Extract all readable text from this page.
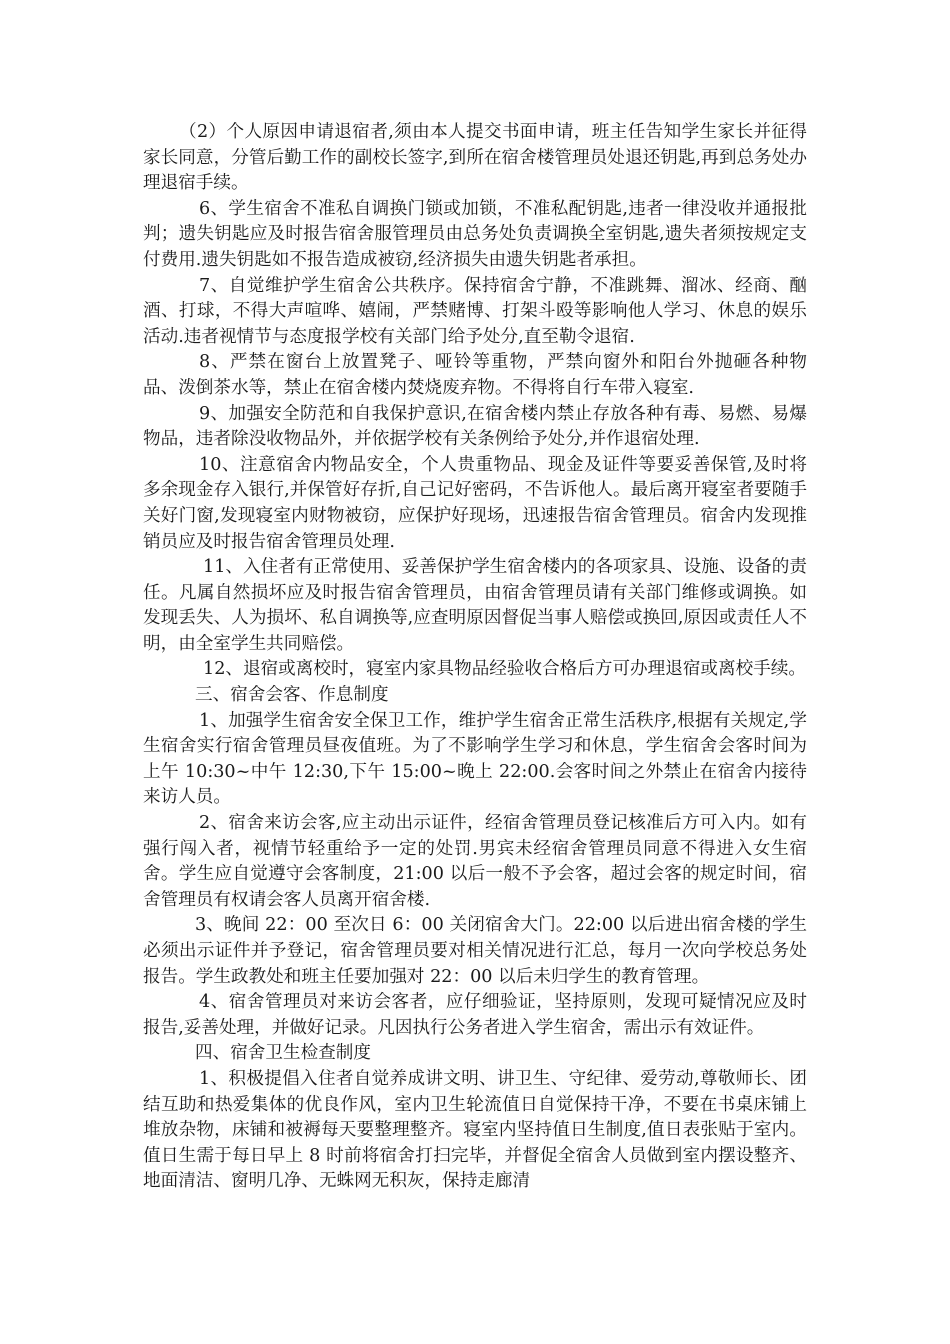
（2）个人原因申请退宿者,须由本人提交书面申请，班主任告知学生家长并征得家长同意，分管后勤工作的副校长签字,到所在宿舍楼管理员处退还钥匙,再到总务处办理退宿手续。

6、学生宿舍不准私自调换门锁或加锁，不准私配钥匙,违者一律没收并通报批判；遗失钥匙应及时报告宿舍服管理员由总务处负责调换全室钥匙,遗失者须按规定支付费用.遗失钥匙如不报告造成被窃,经济损失由遗失钥匙者承担。

7、自觉维护学生宿舍公共秩序。保持宿舍宁静，不准跳舞、溜冰、经商、酗酒、打球，不得大声喧哗、嬉闹，严禁赌博、打架斗殴等影响他人学习、休息的娱乐活动.违者视情节与态度报学校有关部门给予处分,直至勒令退宿.

8、严禁在窗台上放置凳子、哑铃等重物，严禁向窗外和阳台外抛砸各种物品、泼倒茶水等，禁止在宿舍楼内焚烧废弃物。不得将自行车带入寝室.

9、加强安全防范和自我保护意识,在宿舍楼内禁止存放各种有毒、易燃、易爆物品，违者除没收物品外，并依据学校有关条例给予处分,并作退宿处理.

10、注意宿舍内物品安全，个人贵重物品、现金及证件等要妥善保管,及时将多余现金存入银行,并保管好存折,自己记好密码，不告诉他人。最后离开寝室者要随手关好门窗,发现寝室内财物被窃，应保护好现场，迅速报告宿舍管理员。宿舍内发现推销员应及时报告宿舍管理员处理.

11、入住者有正常使用、妥善保护学生宿舍楼内的各项家具、设施、设备的责任。凡属自然损坏应及时报告宿舍管理员，由宿舍管理员请有关部门维修或调换。如发现丢失、人为损坏、私自调换等,应查明原因督促当事人赔偿或换回,原因或责任人不明，由全室学生共同赔偿。

12、退宿或离校时，寝室内家具物品经验收合格后方可办理退宿或离校手续。

三、宿舍会客、作息制度

1、加强学生宿舍安全保卫工作，维护学生宿舍正常生活秩序,根据有关规定,学生宿舍实行宿舍管理员昼夜值班。为了不影响学生学习和休息，学生宿舍会客时间为上午 10:30~中午 12:30,下午 15:00~晚上 22:00.会客时间之外禁止在宿舍内接待来访人员。

2、宿舍来访会客,应主动出示证件，经宿舍管理员登记核准后方可入内。如有强行闯入者，视情节轻重给予一定的处罚.男宾未经宿舍管理员同意不得进入女生宿舍。学生应自觉遵守会客制度，21:00 以后一般不予会客，超过会客的规定时间，宿舍管理员有权请会客人员离开宿舍楼.

3、晚间 22：00 至次日 6：00 关闭宿舍大门。22:00 以后进出宿舍楼的学生必须出示证件并予登记，宿舍管理员要对相关情况进行汇总，每月一次向学校总务处报告。学生政教处和班主任要加强对 22：00 以后未归学生的教育管理。

4、宿舍管理员对来访会客者，应仔细验证，坚持原则，发现可疑情况应及时报告,妥善处理，并做好记录。凡因执行公务者进入学生宿舍，需出示有效证件。

四、宿舍卫生检查制度

1、积极提倡入住者自觉养成讲文明、讲卫生、守纪律、爱劳动,尊敬师长、团结互助和热爱集体的优良作风，室内卫生轮流值日自觉保持干净，不要在书桌床铺上堆放杂物，床铺和被褥每天要整理整齐。寝室内坚持值日生制度,值日表张贴于室内。值日生需于每日早上 8 时前将宿舍打扫完毕，并督促全宿舍人员做到室内摆设整齐、地面清洁、窗明几净、无蛛网无积灰，保持走廊清
